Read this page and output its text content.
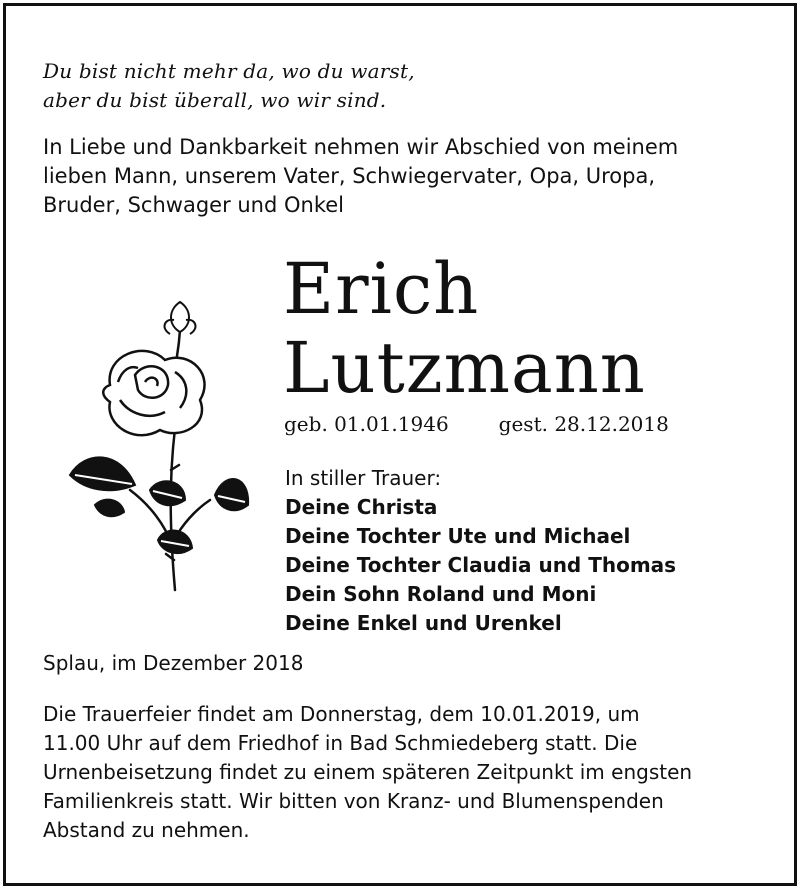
Du bist nicht mehr da, wo du warst,
aber du bist überall, wo wir sind.
In Liebe und Dankbarkeit nehmen wir Abschied von meinem
lieben Mann, unserem Vater, Schwiegervater, Opa, Uropa,
Bruder, Schwager und Onkel
Erich
Lutzmann
geb. 01.01.1946	gest. 28.12.2018
In stiller Trauer:
Deine Christa
Deine Tochter Ute und Michael
Deine Tochter Claudia und Thomas
Dein Sohn Roland und Moni
Deine Enkel und Urenkel
Splau, im Dezember 2018
Die Trauerfeier findet am Donnerstag, dem 10.01.2019, um
11.00 Uhr auf dem Friedhof in Bad Schmiedeberg statt. Die
Urnenbeisetzung findet zu einem späteren Zeitpunkt im engsten
Familienkreis statt. Wir bitten von Kranz- und Blumenspenden
Abstand zu nehmen.
